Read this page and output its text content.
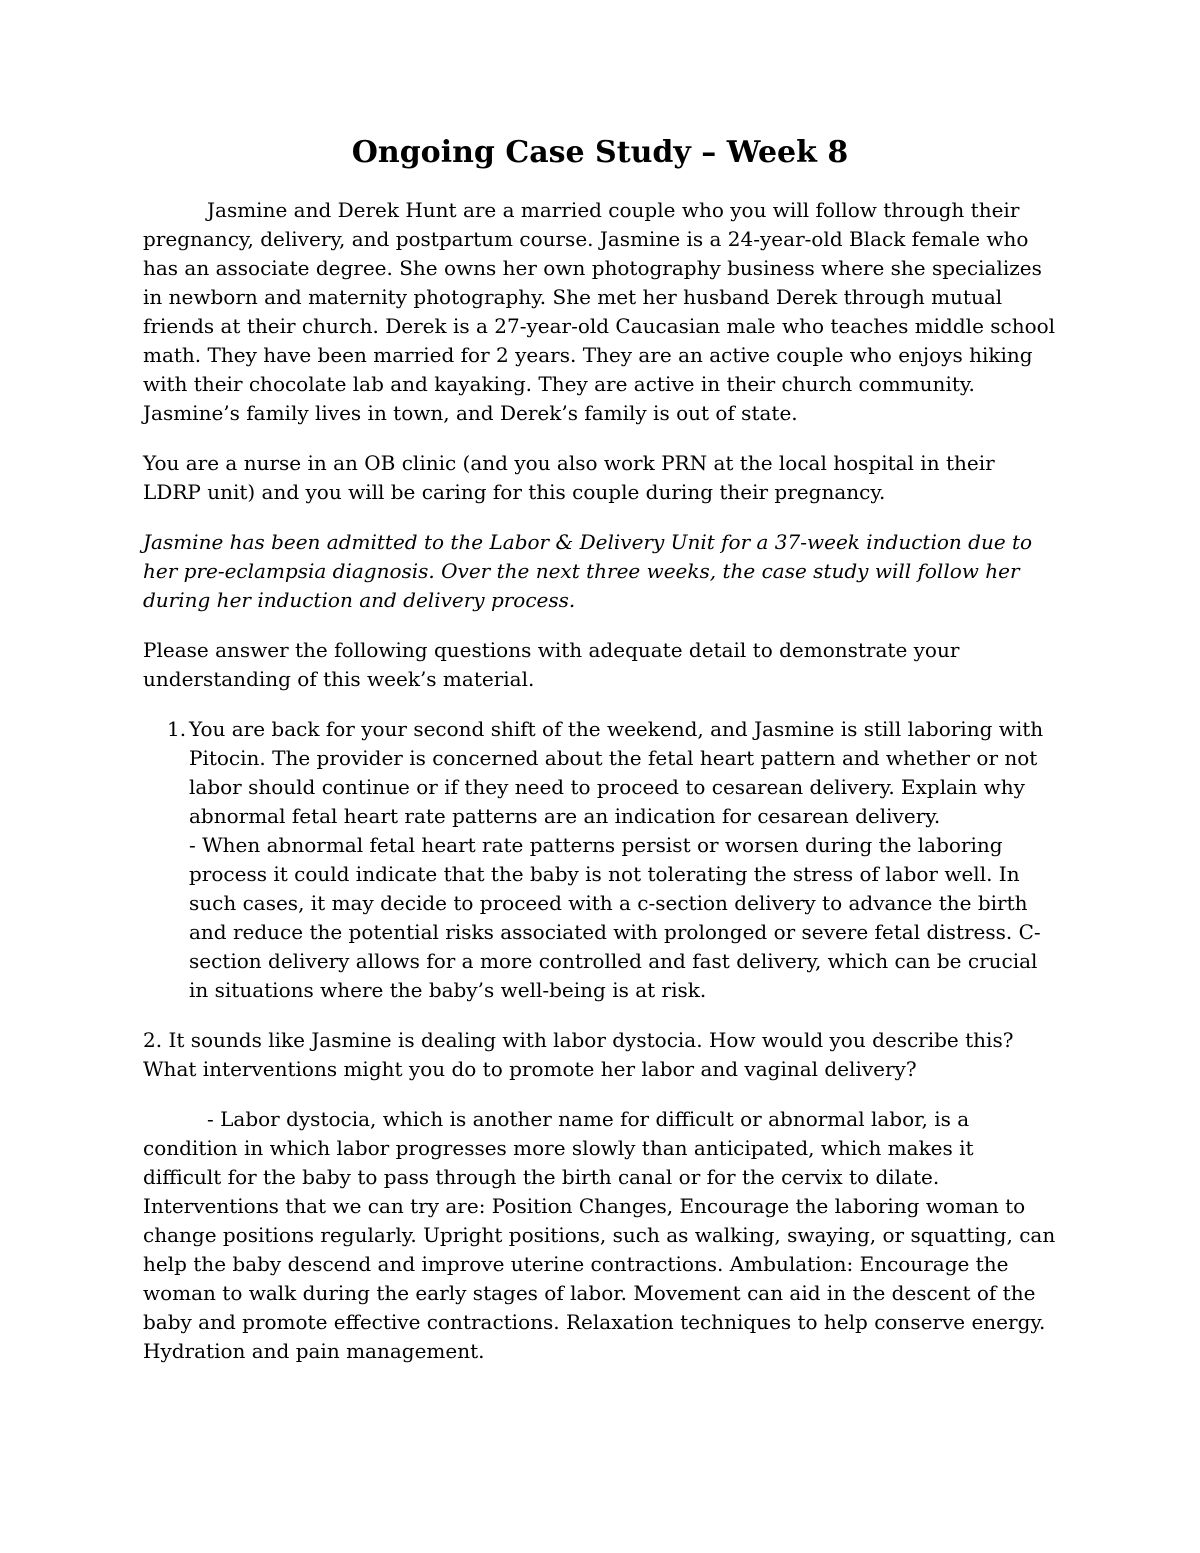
Ongoing Case Study – Week 8

Jasmine and Derek Hunt are a married couple who you will follow through their pregnancy, delivery, and postpartum course. Jasmine is a 24-year-old Black female who has an associate degree. She owns her own photography business where she specializes in newborn and maternity photography. She met her husband Derek through mutual friends at their church. Derek is a 27-year-old Caucasian male who teaches middle school math. They have been married for 2 years. They are an active couple who enjoys hiking with their chocolate lab and kayaking. They are active in their church community. Jasmine’s family lives in town, and Derek’s family is out of state.

You are a nurse in an OB clinic (and you also work PRN at the local hospital in their LDRP unit) and you will be caring for this couple during their pregnancy.

Jasmine has been admitted to the Labor & Delivery Unit for a 37-week induction due to her pre-eclampsia diagnosis. Over the next three weeks, the case study will follow her during her induction and delivery process.

Please answer the following questions with adequate detail to demonstrate your understanding of this week’s material.

1. You are back for your second shift of the weekend, and Jasmine is still laboring with Pitocin. The provider is concerned about the fetal heart pattern and whether or not labor should continue or if they need to proceed to cesarean delivery. Explain why abnormal fetal heart rate patterns are an indication for cesarean delivery.
- When abnormal fetal heart rate patterns persist or worsen during the laboring process it could indicate that the baby is not tolerating the stress of labor well. In such cases, it may decide to proceed with a c-section delivery to advance the birth and reduce the potential risks associated with prolonged or severe fetal distress. C-section delivery allows for a more controlled and fast delivery, which can be crucial in situations where the baby’s well-being is at risk.

2. It sounds like Jasmine is dealing with labor dystocia. How would you describe this? What interventions might you do to promote her labor and vaginal delivery?

- Labor dystocia, which is another name for difficult or abnormal labor, is a condition in which labor progresses more slowly than anticipated, which makes it difficult for the baby to pass through the birth canal or for the cervix to dilate. Interventions that we can try are: Position Changes, Encourage the laboring woman to change positions regularly. Upright positions, such as walking, swaying, or squatting, can help the baby descend and improve uterine contractions. Ambulation: Encourage the woman to walk during the early stages of labor. Movement can aid in the descent of the baby and promote effective contractions. Relaxation techniques to help conserve energy. Hydration and pain management.
